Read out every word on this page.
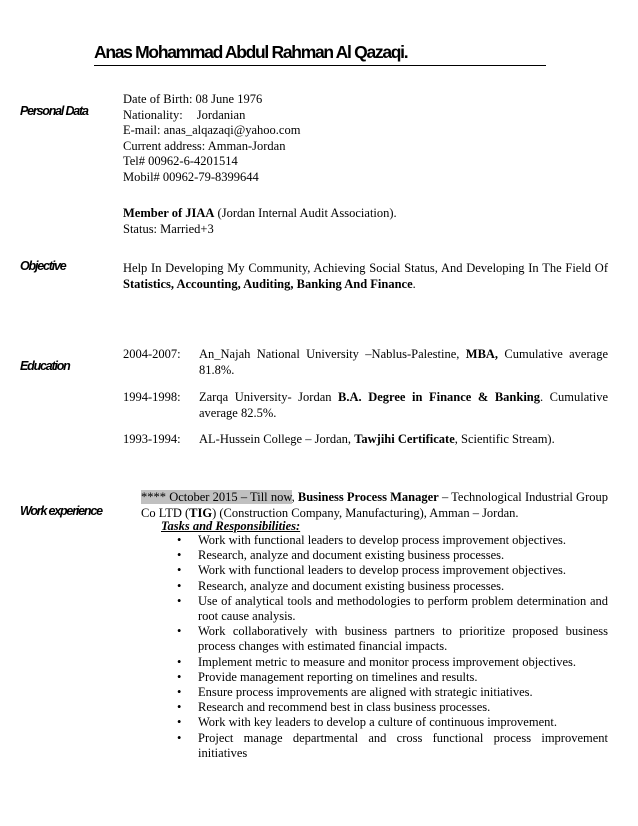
Anas Mohammad Abdul Rahman Al Qazaqi.
Personal Data
Date of Birth: 08 June 1976
Nationality: Jordanian
E-mail: anas_alqazaqi@yahoo.com
Current address: Amman-Jordan
Tel# 00962-6-4201514
Mobil# 00962-79-8399644
Member of JIAA (Jordan Internal Audit Association).
Status: Married+3
Objective	Help In Developing My Community, Achieving Social Status, And Developing In The Field Of Statistics, Accounting, Auditing, Banking And Finance.
Education
2004-2007:	An_Najah National University –Nablus-Palestine, MBA, Cumulative average 81.8%.
1994-1998:	Zarqa University- Jordan B.A. Degree in Finance & Banking. Cumulative average 82.5%.
1993-1994:	AL-Hussein College – Jordan, Tawjihi Certificate, Scientific Stream).
Work experience
**** October 2015 – Till now, Business Process Manager – Technological Industrial Group Co LTD (TIG) (Construction Company, Manufacturing), Amman – Jordan.
Tasks and Responsibilities:
• Work with functional leaders to develop process improvement objectives.
• Research, analyze and document existing business processes.
• Work with functional leaders to develop process improvement objectives.
• Research, analyze and document existing business processes.
• Use of analytical tools and methodologies to perform problem determination and root cause analysis.
• Work collaboratively with business partners to prioritize proposed business process changes with estimated financial impacts.
• Implement metric to measure and monitor process improvement objectives.
• Provide management reporting on timelines and results.
• Ensure process improvements are aligned with strategic initiatives.
• Research and recommend best in class business processes.
• Work with key leaders to develop a culture of continuous improvement.
• Project manage departmental and cross functional process improvement initiatives
